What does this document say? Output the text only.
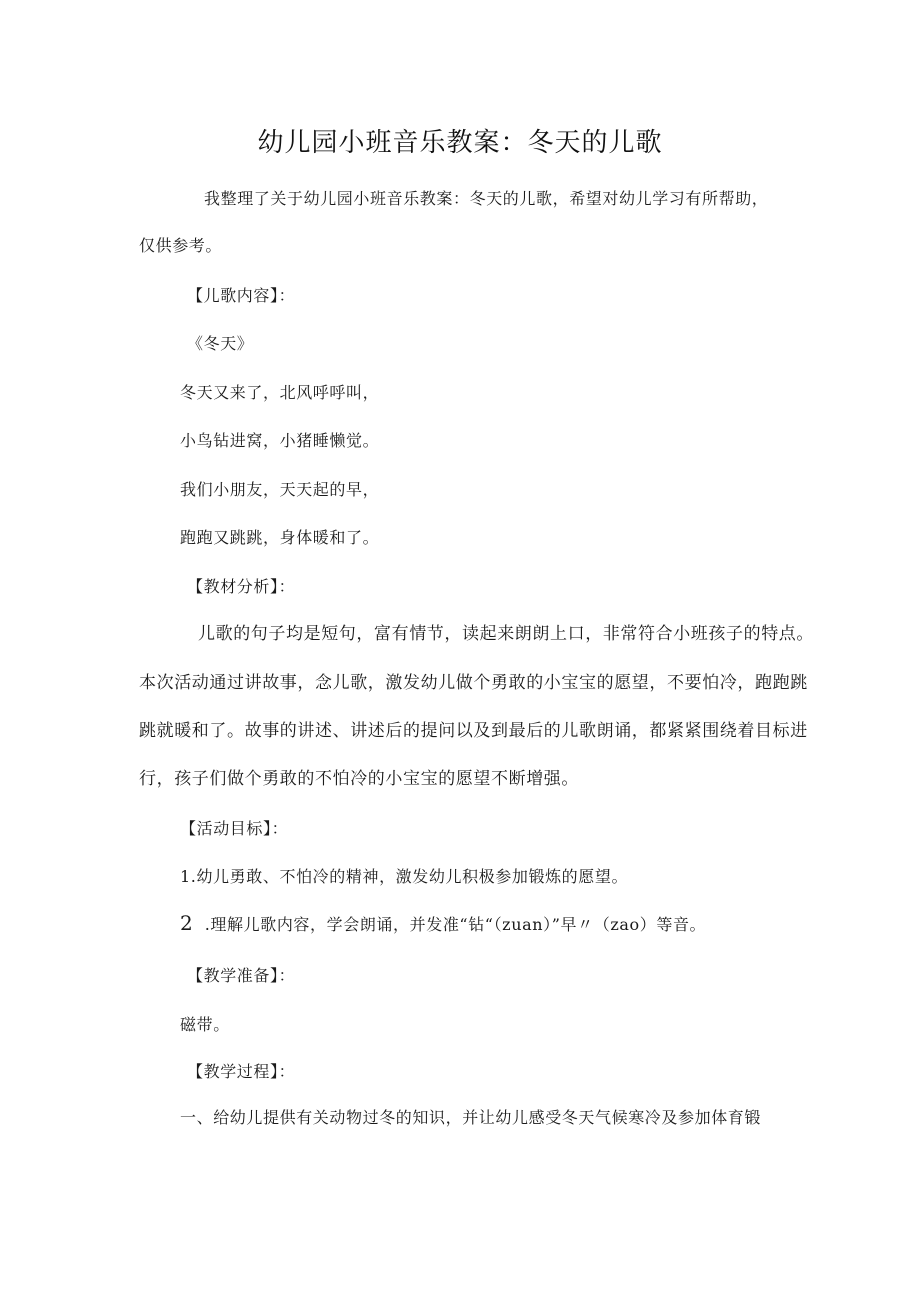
幼儿园小班音乐教案：冬天的儿歌
我整理了关于幼儿园小班音乐教案：冬天的儿歌，希望对幼儿学习有所帮助，
仅供参考。
【儿歌内容】：
《冬天》
冬天又来了，北风呼呼叫，
小鸟钻进窝，小猪睡懒觉。
我们小朋友，天天起的早，
跑跑又跳跳，身体暖和了。
【教材分析】：
儿歌的句子均是短句，富有情节，读起来朗朗上口，非常符合小班孩子的特点。
本次活动通过讲故事，念儿歌，激发幼儿做个勇敢的小宝宝的愿望，不要怕冷，跑跑跳
跳就暖和了。故事的讲述、讲述后的提问以及到最后的儿歌朗诵，都紧紧围绕着目标进
行，孩子们做个勇敢的不怕冷的小宝宝的愿望不断增强。
【活动目标】：
1.幼儿勇敢、不怕冷的精神，激发幼儿积极参加锻炼的愿望。
2 .理解儿歌内容，学会朗诵，并发准“钻“（zuan）”早〃（zao）等音。
【教学准备】：
磁带。
【教学过程】：
一、给幼儿提供有关动物过冬的知识，并让幼儿感受冬天气候寒冷及参加体育锻
